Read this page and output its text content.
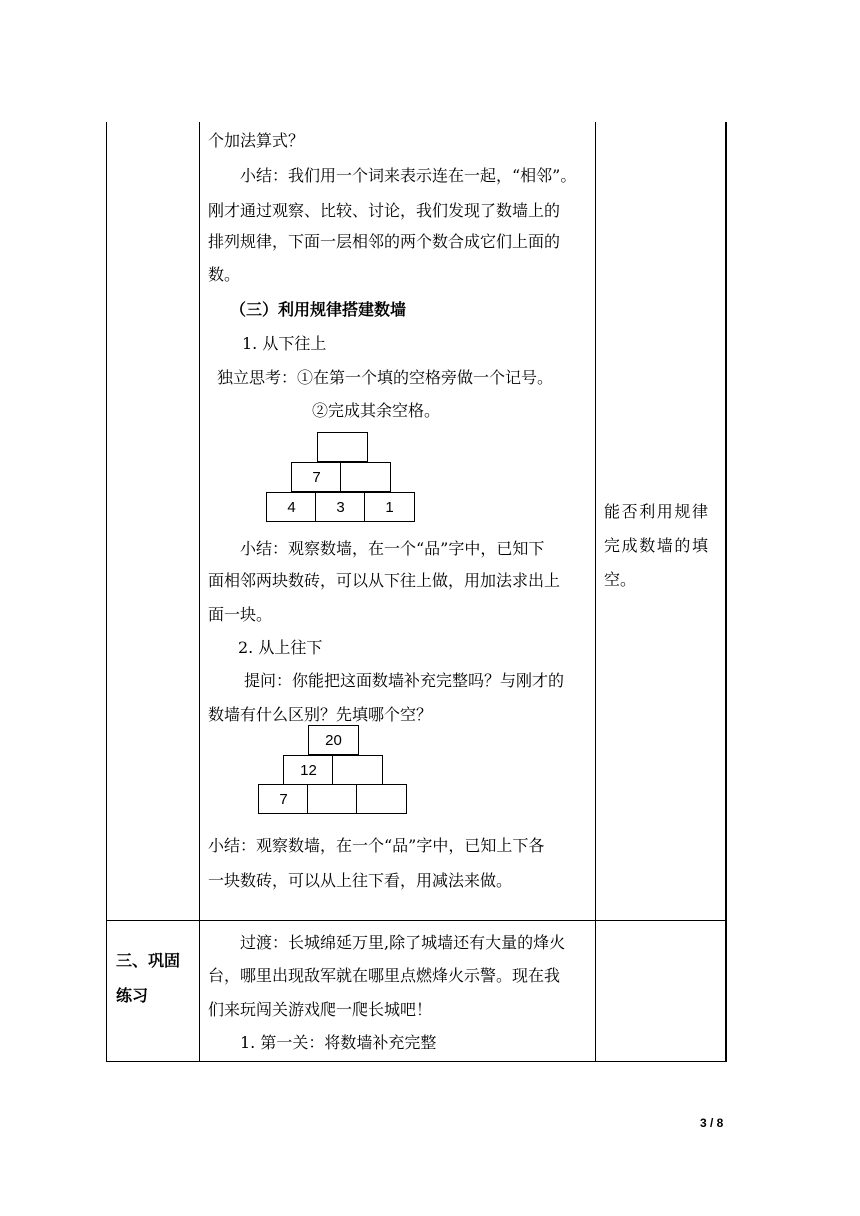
个加法算式？
小结：我们用一个词来表示连在一起，“相邻”。
刚才通过观察、比较、讨论，我们发现了数墙上的
排列规律，下面一层相邻的两个数合成它们上面的
数。
（三）利用规律搭建数墙
1. 从下往上
独立思考：①在第一个填的空格旁做一个记号。
②完成其余空格。
7
4	3	1
小结：观察数墙，在一个“品”字中，已知下
面相邻两块数砖，可以从下往上做，用加法求出上
面一块。
2. 从上往下
提问：你能把这面数墙补充完整吗？与刚才的
数墙有什么区别？先填哪个空？
20
12
7
小结：观察数墙，在一个“品”字中，已知上下各
一块数砖，可以从上往下看，用减法来做。
过渡：长城绵延万里,除了城墙还有大量的烽火
台，哪里出现敌军就在哪里点燃烽火示警。现在我
们来玩闯关游戏爬一爬长城吧！
1. 第一关：将数墙补充完整
三、巩固
练习
能否利用规律
完成数墙的填
空。
3 / 8
